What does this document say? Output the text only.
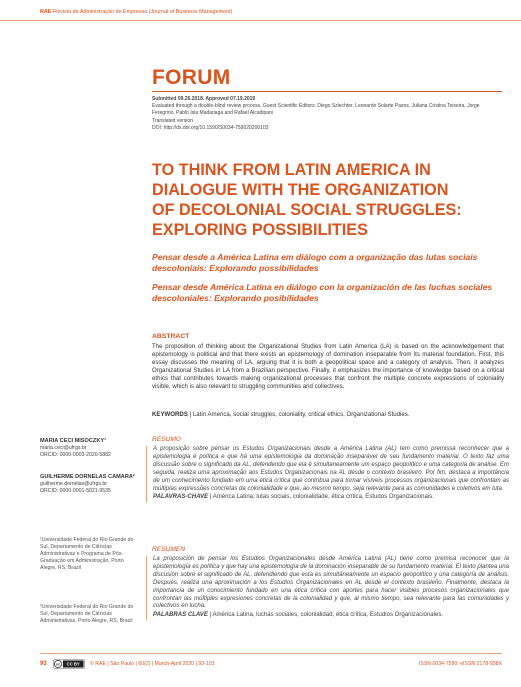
RAE-Revista de Administração de Empresas (Journal of Business Management)
FORUM
Submitted 09.26.2018. Approved 07.19.2019
Evaluated through a double-blind review process. Guest Scientific Editors: Diego Szlechter, Leonardo Solarte Pazos, Juliana Cristina Teixeira, Jorge Feregrino, Pablo Isla Madariaga and Rafael Alcadipani
Translated version
DOI: http://dx.doi.org/10.1590/S0034-759020200103
TO THINK FROM LATIN AMERICA IN
DIALOGUE WITH THE ORGANIZATION
OF DECOLONIAL SOCIAL STRUGGLES:
EXPLORING POSSIBILITIES
Pensar desde a América Latina em diálogo com a organização das lutas sociais descoloniais: Explorando possibilidades
Pensar desde América Latina en diálogo con la organización de las luchas sociales descoloniales: Explorando posibilidades
ABSTRACT
The proposition of thinking about the Organizational Studies from Latin America (LA) is based on the acknowledgement that epistemology is political and that there exists an epistemology of domination inseparable from its material foundation. First, this essay discusses the meaning of LA, arguing that it is both a geopolitical space and a category of analysis. Then, it analyzes Organizational Studies in LA from a Brazilian perspective. Finally, it emphasizes the importance of knowledge based on a critical ethics that contributes towards making organizational processes that confront the multiple concrete expressions of coloniality visible, which is also relevant to struggling communities and collectives.
KEYWORDS | Latin America, social struggles, coloniality, critical ethics, Organizational Studies.
RESUMO
A proposição sobre pensar os Estudos Organizacionais desde a América Latina (AL) tem como premissa reconhecer que a epistemologia é política e que há uma epistemologia da dominação inseparável de seu fundamento material. O texto faz uma discussão sobre o significado da AL, defendendo que ela é simultaneamente um espaço geopolítico e uma categoria de análise. Em seguida, realiza uma aproximação aos Estudos Organizacionais na AL desde o contexto brasileiro. Por fim, destaca a importância de um conhecimento fundado em uma ética crítica que contribua para tornar visíveis processos organizacionais que confrontam as múltiplas expressões concretas da colonialidade e que, ao mesmo tempo, seja relevante para as comunidades e coletivos em luta.
PALAVRAS-CHAVE | América Latina, lutas sociais, colonialidade, ética crítica, Estudos Organizacionais.
RESUMEN
La proposición de pensar los Estudios Organizacionales desde América Latina (AL) tiene como premisa reconocer que la epistemología es política y que hay una epistemología de la dominación inseparable de su fundamento material. El texto plantea una discusión sobre el significado de AL, defendiendo que esta es simultáneamente un espacio geopolítico y una categoría de análisis. Después, realiza una aproximación a los Estudios Organizacionales en AL desde el contexto brasileño. Finalmente, destaca la importancia de un conocimiento fundado en una ética crítica con aportes para hacer visibles procesos organizacionales que confrontan las múltiples expresiones concretas de la colonialidad y que, al mismo tiempo, sea relevante para las comunidades y colectivos en lucha.
PALABRAS CLAVE | América Latina, luchas sociales, colonialidad, ética crítica, Estudios Organizacionales.
MARIA CECI MISOCZKY¹
maria.ceci@ufrgs.br
ORCID: 0000-0003-2020-5882
GUILHERME DORNELAS CAMARA²
guilherme.dornelas@ufrgs.br
ORCID: 0000-0001-5021-9535
¹Universidade Federal do Rio Grande do Sul, Departamento de Ciências Administrativas e Programa de Pós-Graduação em Administração, Porto Alegre, RS, Brazil
²Universidade Federal do Rio Grande do Sul, Departamento de Ciências Administrativas, Porto Alegre, RS, Brazil
93	cc CC BY © RAE | São Paulo | 60(2) | March-April 2020 | 93-103	ISSN 0034-7590; eISSN 2178-938X
